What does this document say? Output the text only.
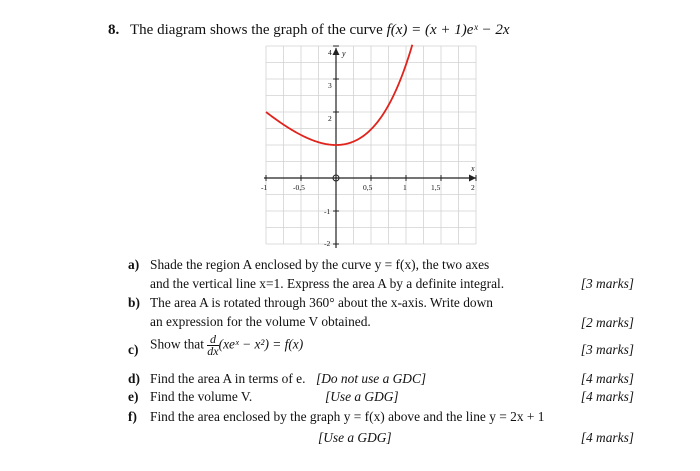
8. The diagram shows the graph of the curve f(x) = (x + 1)eˣ − 2x
x
y
-1	-0,5	0,5	1	1,5	2
4
3
2
-1
-2
a) Shade the region A enclosed by the curve y = f(x), the two axes
and the vertical line x=1. Express the area A by a definite integral.	[3 marks]
b) The area A is rotated through 360° about the x-axis. Write down
an expression for the volume V obtained.	[2 marks]
c) Show that $\frac{d}{dx}$ (xeˣ − x²) = f(x)	[3 marks]
d) Find the area A in terms of e. [Do not use a GDC]	[4 marks]
e) Find the volume V.	[Use a GDG]	[4 marks]
f) Find the area enclosed by the graph y = f(x) above and the line y = 2x + 1
[Use a GDG]	[4 marks]
